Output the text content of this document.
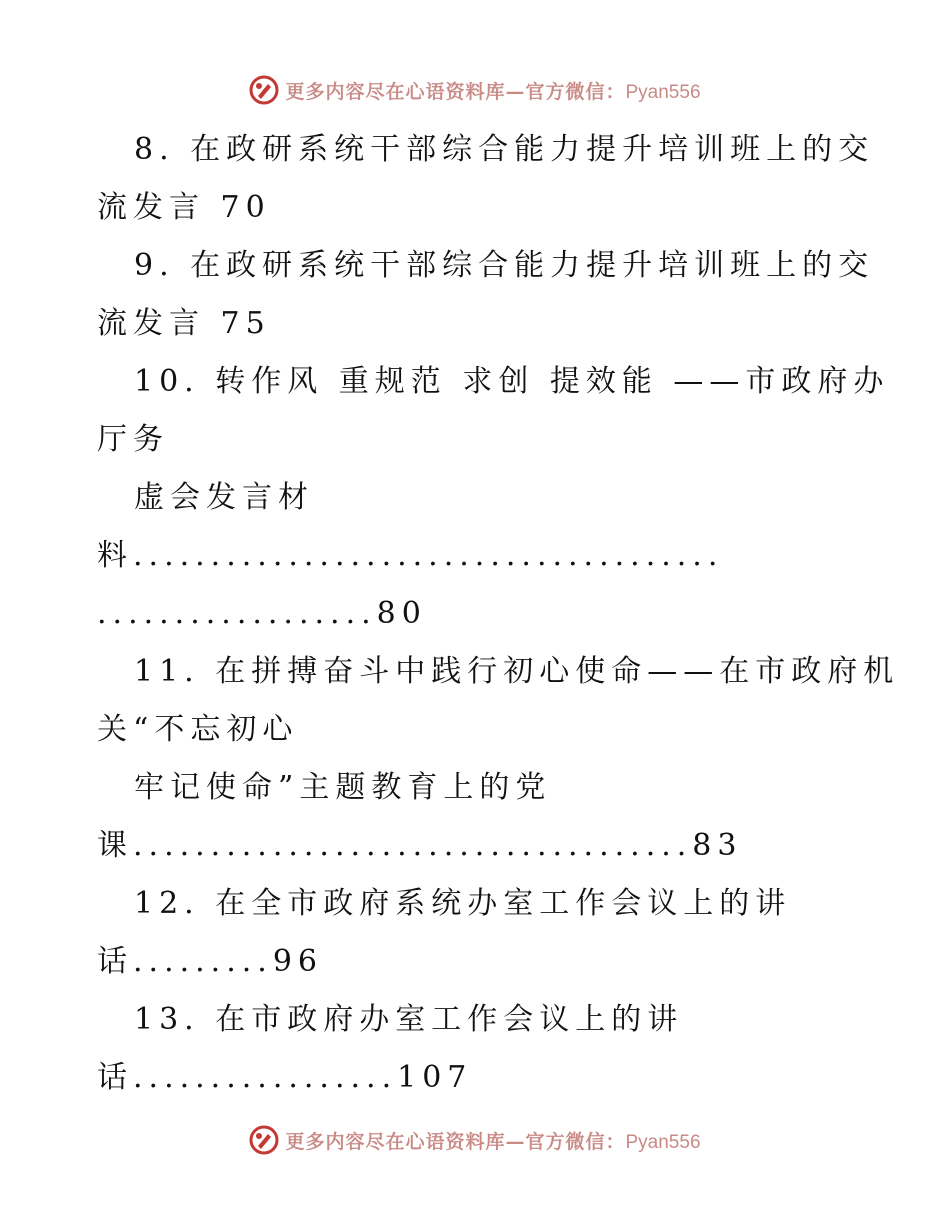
更多内容尽在心语资料库—官方微信：Pyan556
8. 在政研系统干部综合能力提升培训班上的交
流发言 70
9. 在政研系统干部综合能力提升培训班上的交
流发言 75
10. 转作风 重规范 求创 提效能 ——市政府办
厅务
虚会发言材
料......................................
..................80
11. 在拼搏奋斗中践行初心使命——在市政府机
关“不忘初心
牢记使命”主题教育上的党
课....................................83
12. 在全市政府系统办室工作会议上的讲
话.........96
13. 在市政府办室工作会议上的讲
话.................107
更多内容尽在心语资料库—官方微信：Pyan556
